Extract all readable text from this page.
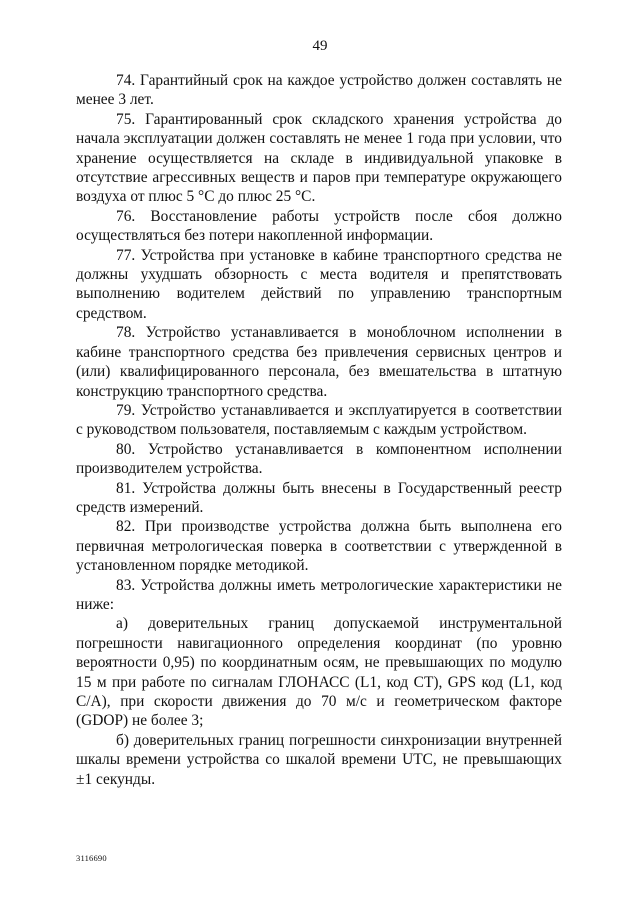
49

74. Гарантийный срок на каждое устройство должен составлять не менее 3 лет.

75. Гарантированный срок складского хранения устройства до начала эксплуатации должен составлять не менее 1 года при условии, что хранение осуществляется на складе в индивидуальной упаковке в отсутствие агрессивных веществ и паров при температуре окружающего воздуха от плюс 5 °С до плюс 25 °С.

76. Восстановление работы устройств после сбоя должно осуществляться без потери накопленной информации.

77. Устройства при установке в кабине транспортного средства не должны ухудшать обзорность с места водителя и препятствовать выполнению водителем действий по управлению транспортным средством.

78. Устройство устанавливается в моноблочном исполнении в кабине транспортного средства без привлечения сервисных центров и (или) квалифицированного персонала, без вмешательства в штатную конструкцию транспортного средства.

79. Устройство устанавливается и эксплуатируется в соответствии с руководством пользователя, поставляемым с каждым устройством.

80. Устройство устанавливается в компонентном исполнении производителем устройства.

81. Устройства должны быть внесены в Государственный реестр средств измерений.

82. При производстве устройства должна быть выполнена его первичная метрологическая поверка в соответствии с утвержденной в установленном порядке методикой.

83. Устройства должны иметь метрологические характеристики не ниже:

а) доверительных границ допускаемой инструментальной погрешности навигационного определения координат (по уровню вероятности 0,95) по координатным осям, не превышающих по модулю 15 м при работе по сигналам ГЛОНАСС (L1, код СТ), GPS код (L1, код C/A), при скорости движения до 70 м/с и геометрическом факторе (GDOP) не более 3;

б) доверительных границ погрешности синхронизации внутренней шкалы времени устройства со шкалой времени UTC, не превышающих ±1 секунды.

3116690
